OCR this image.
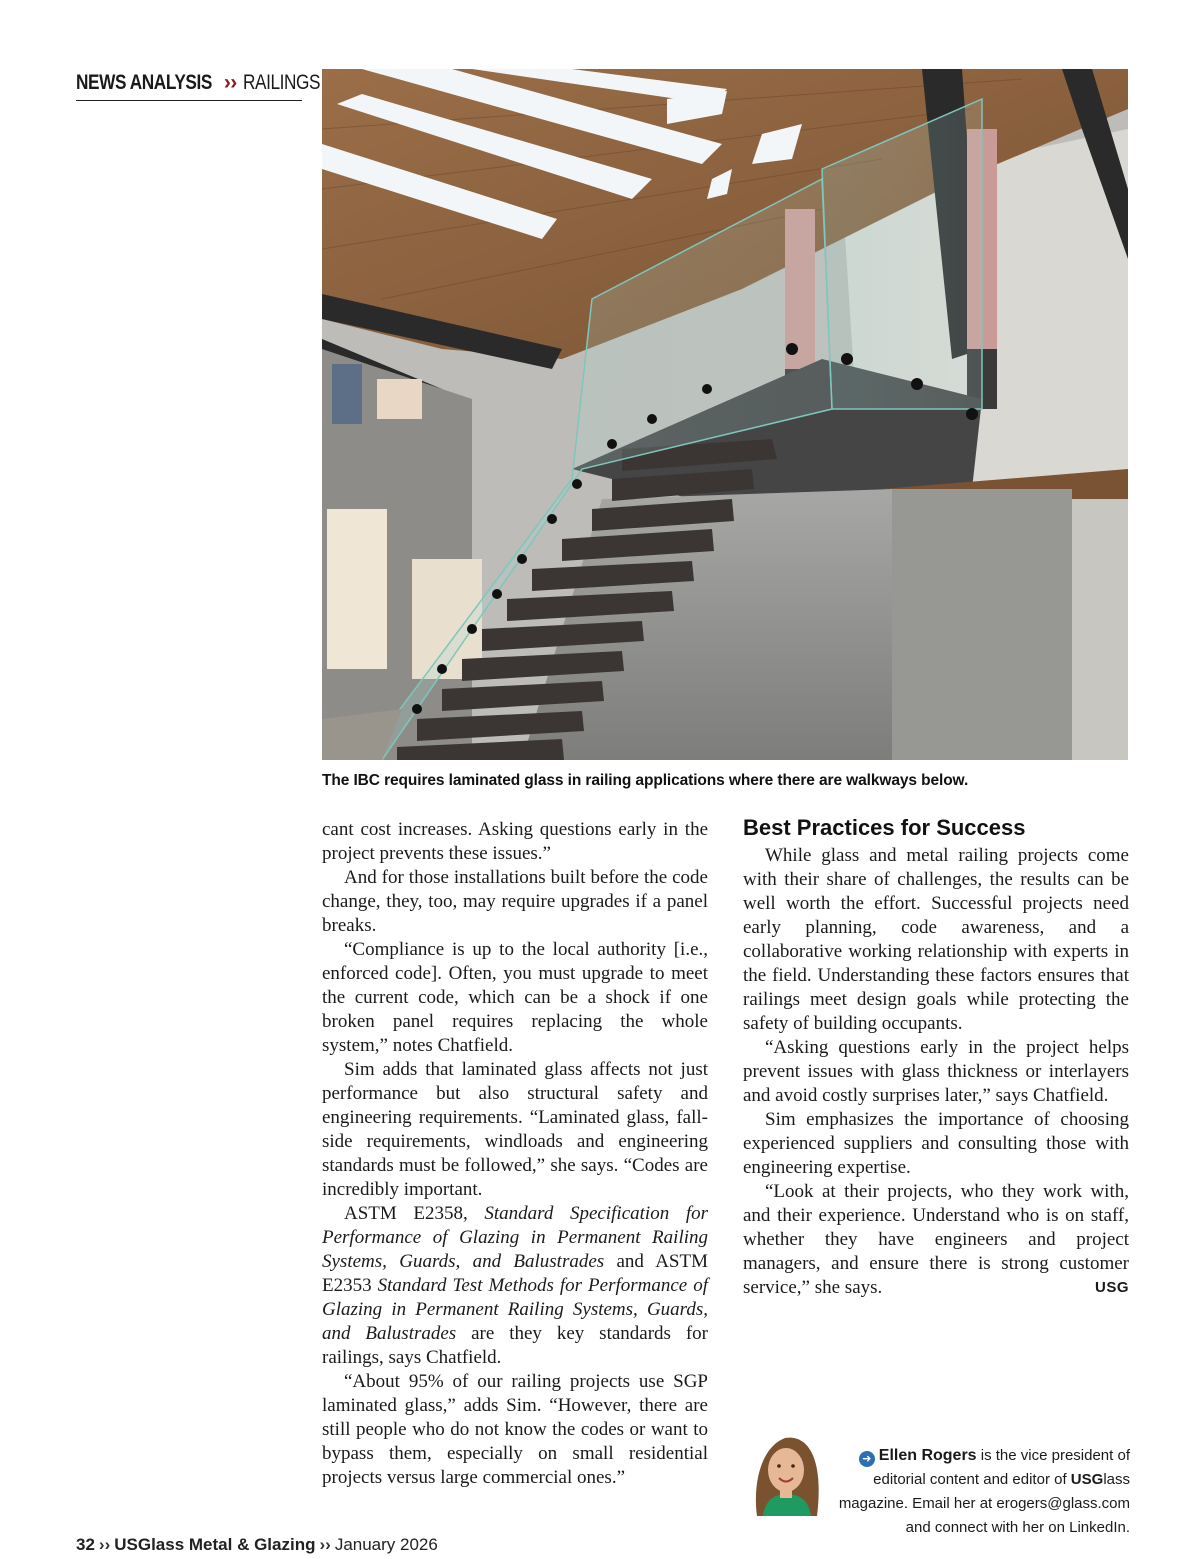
NEWS ANALYSIS ›› RAILINGS
The IBC requires laminated glass in railing applications where there are walkways below.

cant cost increases. Asking questions early in the project prevents these issues.”

And for those installations built before the code change, they, too, may require upgrades if a panel breaks.

“Compliance is up to the local authority [i.e., enforced code]. Often, you must upgrade to meet the current code, which can be a shock if one broken panel requires replacing the whole system,” notes Chatfield.

Sim adds that laminated glass affects not just performance but also structural safety and engineering requirements. “Laminated glass, fall-side requirements, windloads and engineering standards must be followed,” she says. “Codes are incredibly important.

ASTM E2358, Standard Specification for Performance of Glazing in Permanent Railing Systems, Guards, and Balustrades and ASTM E2353 Standard Test Methods for Performance of Glazing in Permanent Railing Systems, Guards, and Balustrades are they key standards for railings, says Chatfield.

“About 95% of our railing projects use SGP laminated glass,” adds Sim. “However, there are still people who do not know the codes or want to bypass them, especially on small residential projects versus large commercial ones.”

Best Practices for Success

While glass and metal railing projects come with their share of challenges, the results can be well worth the effort. Successful projects need early planning, code awareness, and a collaborative working relationship with experts in the field. Understanding these factors ensures that railings meet design goals while protecting the safety of building occupants.

“Asking questions early in the project helps prevent issues with glass thickness or interlayers and avoid costly surprises later,” says Chatfield.

Sim emphasizes the importance of choosing experienced suppliers and consulting those with engineering expertise.

“Look at their projects, who they work with, and their experience. Understand who is on staff, whether they have engineers and project managers, and ensure there is strong customer service,” she says.	USG

➜ Ellen Rogers is the vice president of editorial content and editor of USGlass magazine. Email her at erogers@glass.com and connect with her on LinkedIn.
32 ›› USGlass Metal & Glazing ›› January 2026
